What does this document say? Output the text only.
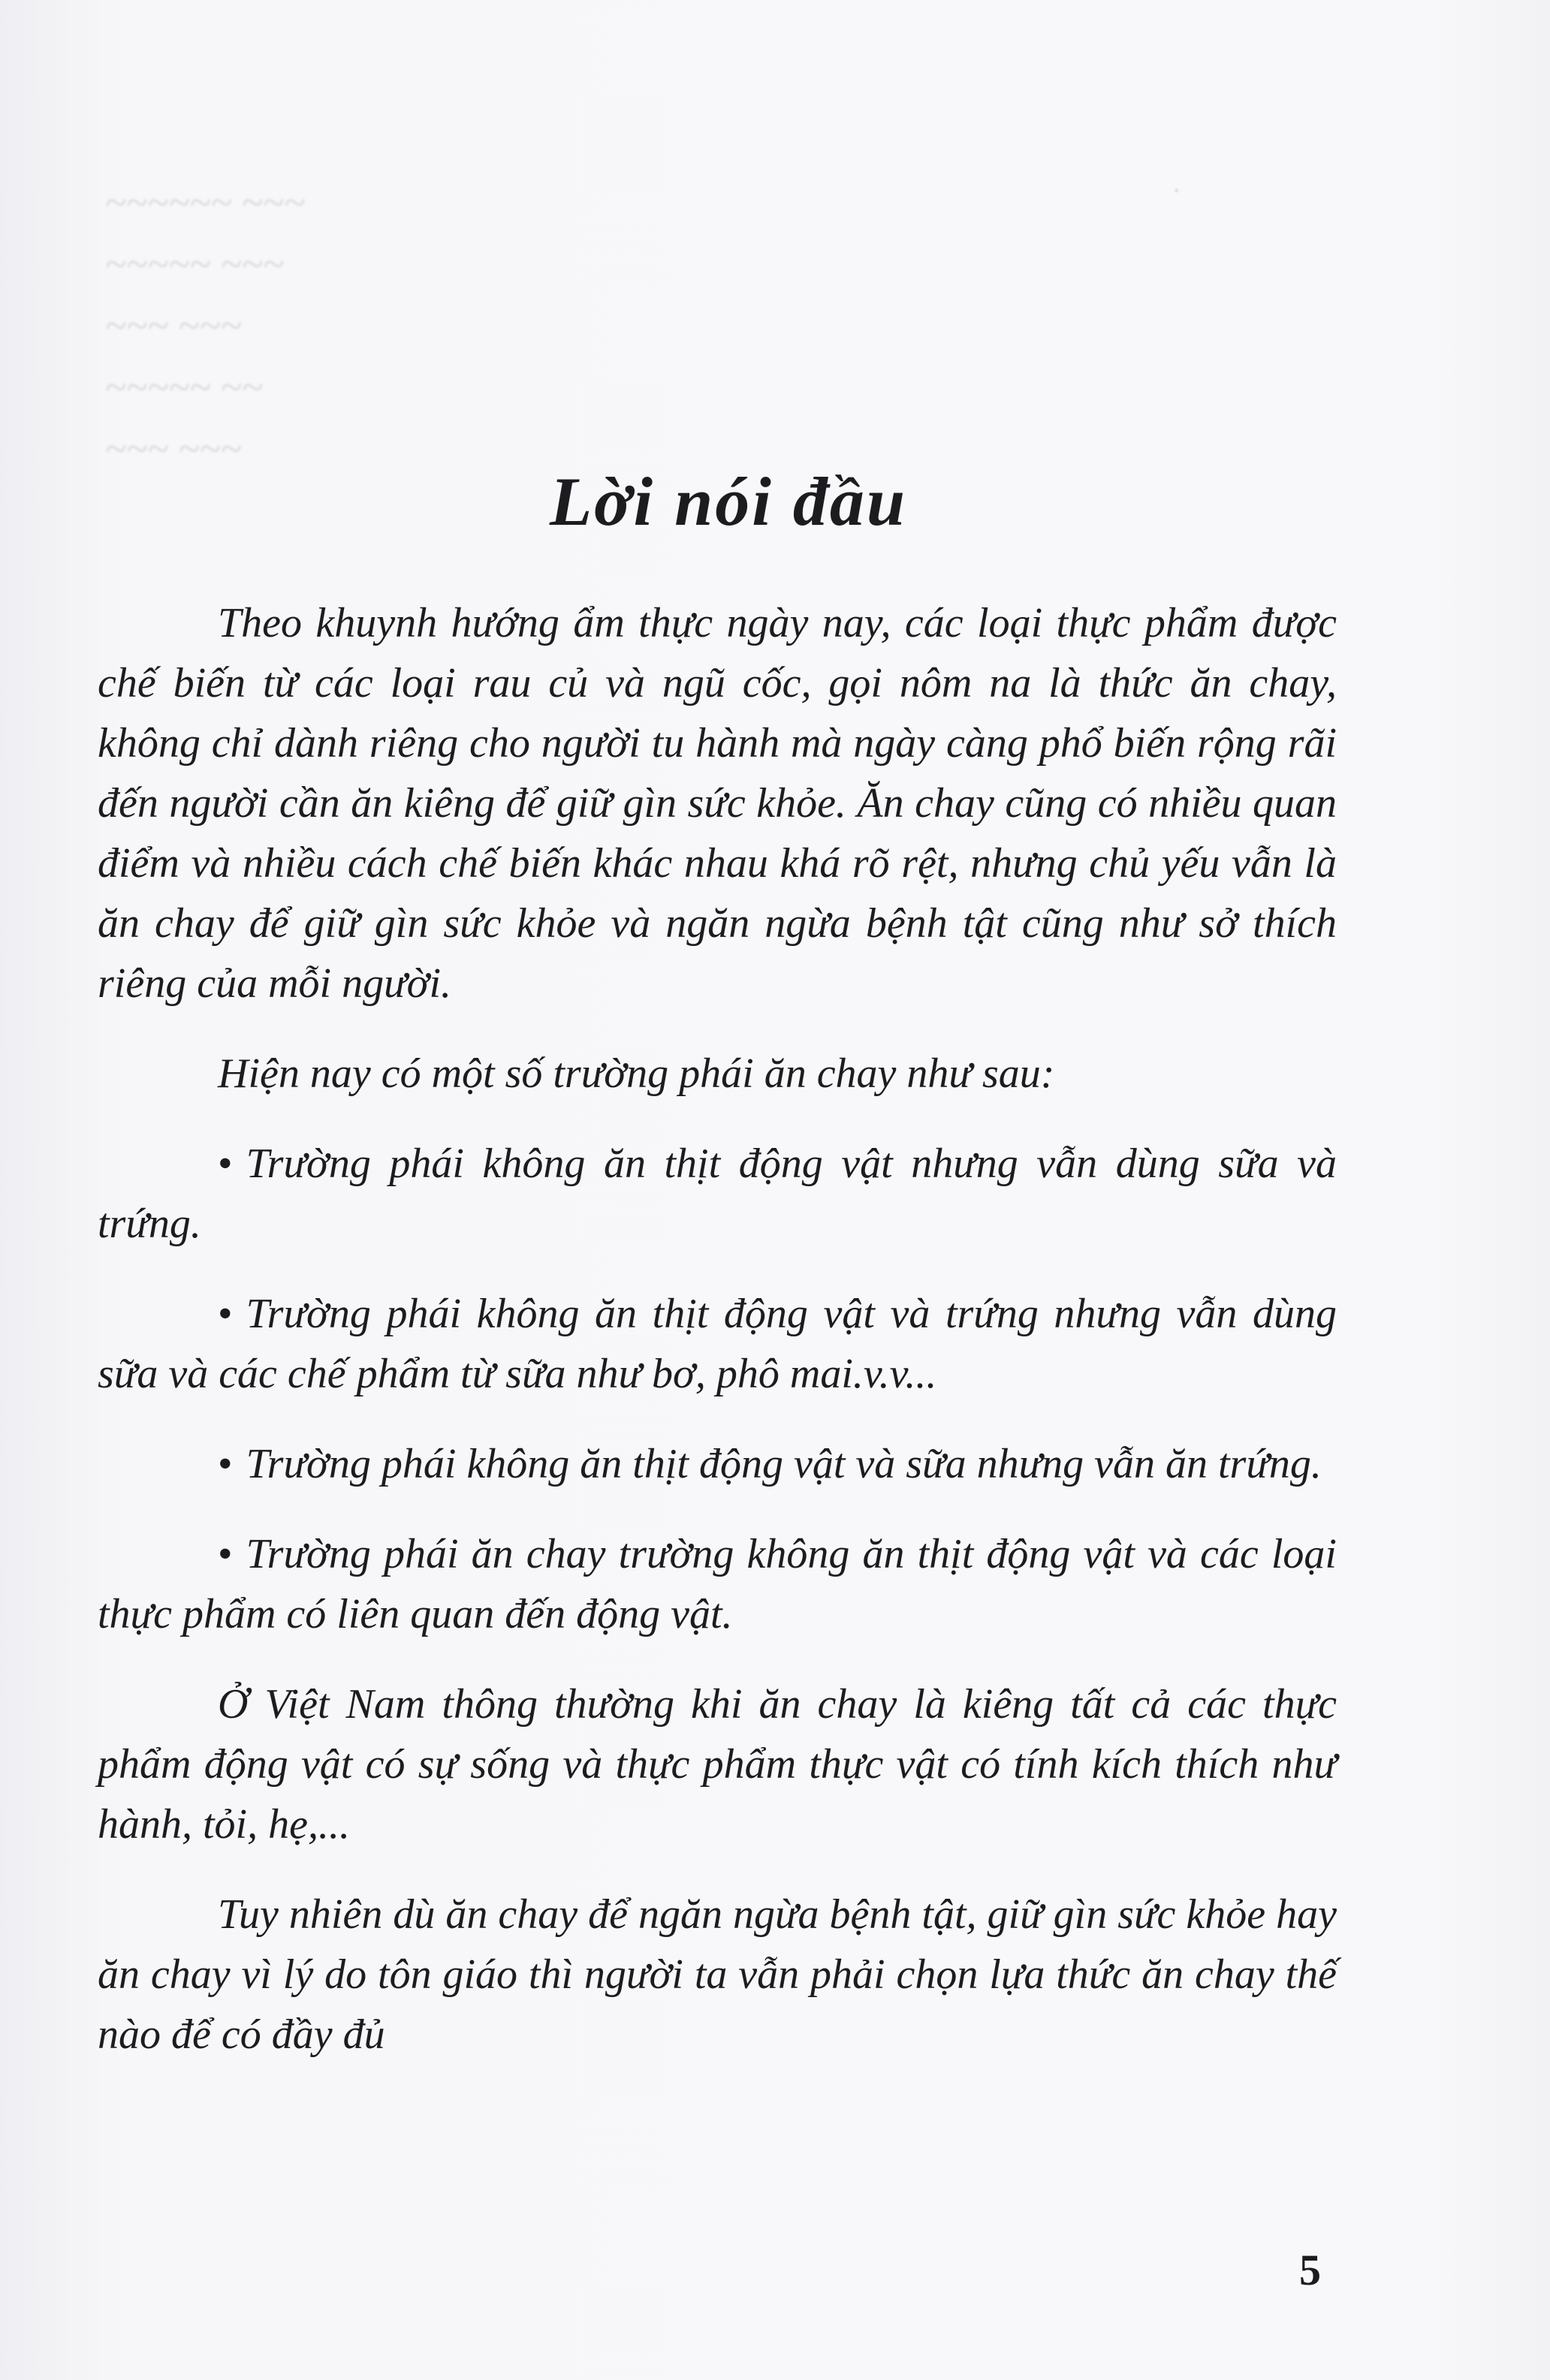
~~~~~~ ~~~
~~~~~ ~~~
~~~ ~~~
~~~~~ ~~
~~~ ~~~
·
Lời nói đầu

Theo khuynh hướng ẩm thực ngày nay, các loại thực phẩm được chế biến từ các loại rau củ và ngũ cốc, gọi nôm na là thức ăn chay, không chỉ dành riêng cho người tu hành mà ngày càng phổ biến rộng rãi đến người cần ăn kiêng để giữ gìn sức khỏe. Ăn chay cũng có nhiều quan điểm và nhiều cách chế biến khác nhau khá rõ rệt, nhưng chủ yếu vẫn là ăn chay để giữ gìn sức khỏe và ngăn ngừa bệnh tật cũng như sở thích riêng của mỗi người.

Hiện nay có một số trường phái ăn chay như sau:

• Trường phái không ăn thịt động vật nhưng vẫn dùng sữa và trứng.

• Trường phái không ăn thịt động vật và trứng nhưng vẫn dùng sữa và các chế phẩm từ sữa như bơ, phô mai.v.v...

• Trường phái không ăn thịt động vật và sữa nhưng vẫn ăn trứng.

• Trường phái ăn chay trường không ăn thịt động vật và các loại thực phẩm có liên quan đến động vật.

Ở Việt Nam thông thường khi ăn chay là kiêng tất cả các thực phẩm động vật có sự sống và thực phẩm thực vật có tính kích thích như hành, tỏi, hẹ,...

Tuy nhiên dù ăn chay để ngăn ngừa bệnh tật, giữ gìn sức khỏe hay ăn chay vì lý do tôn giáo thì người ta vẫn phải chọn lựa thức ăn chay thế nào để có đầy đủ

5
